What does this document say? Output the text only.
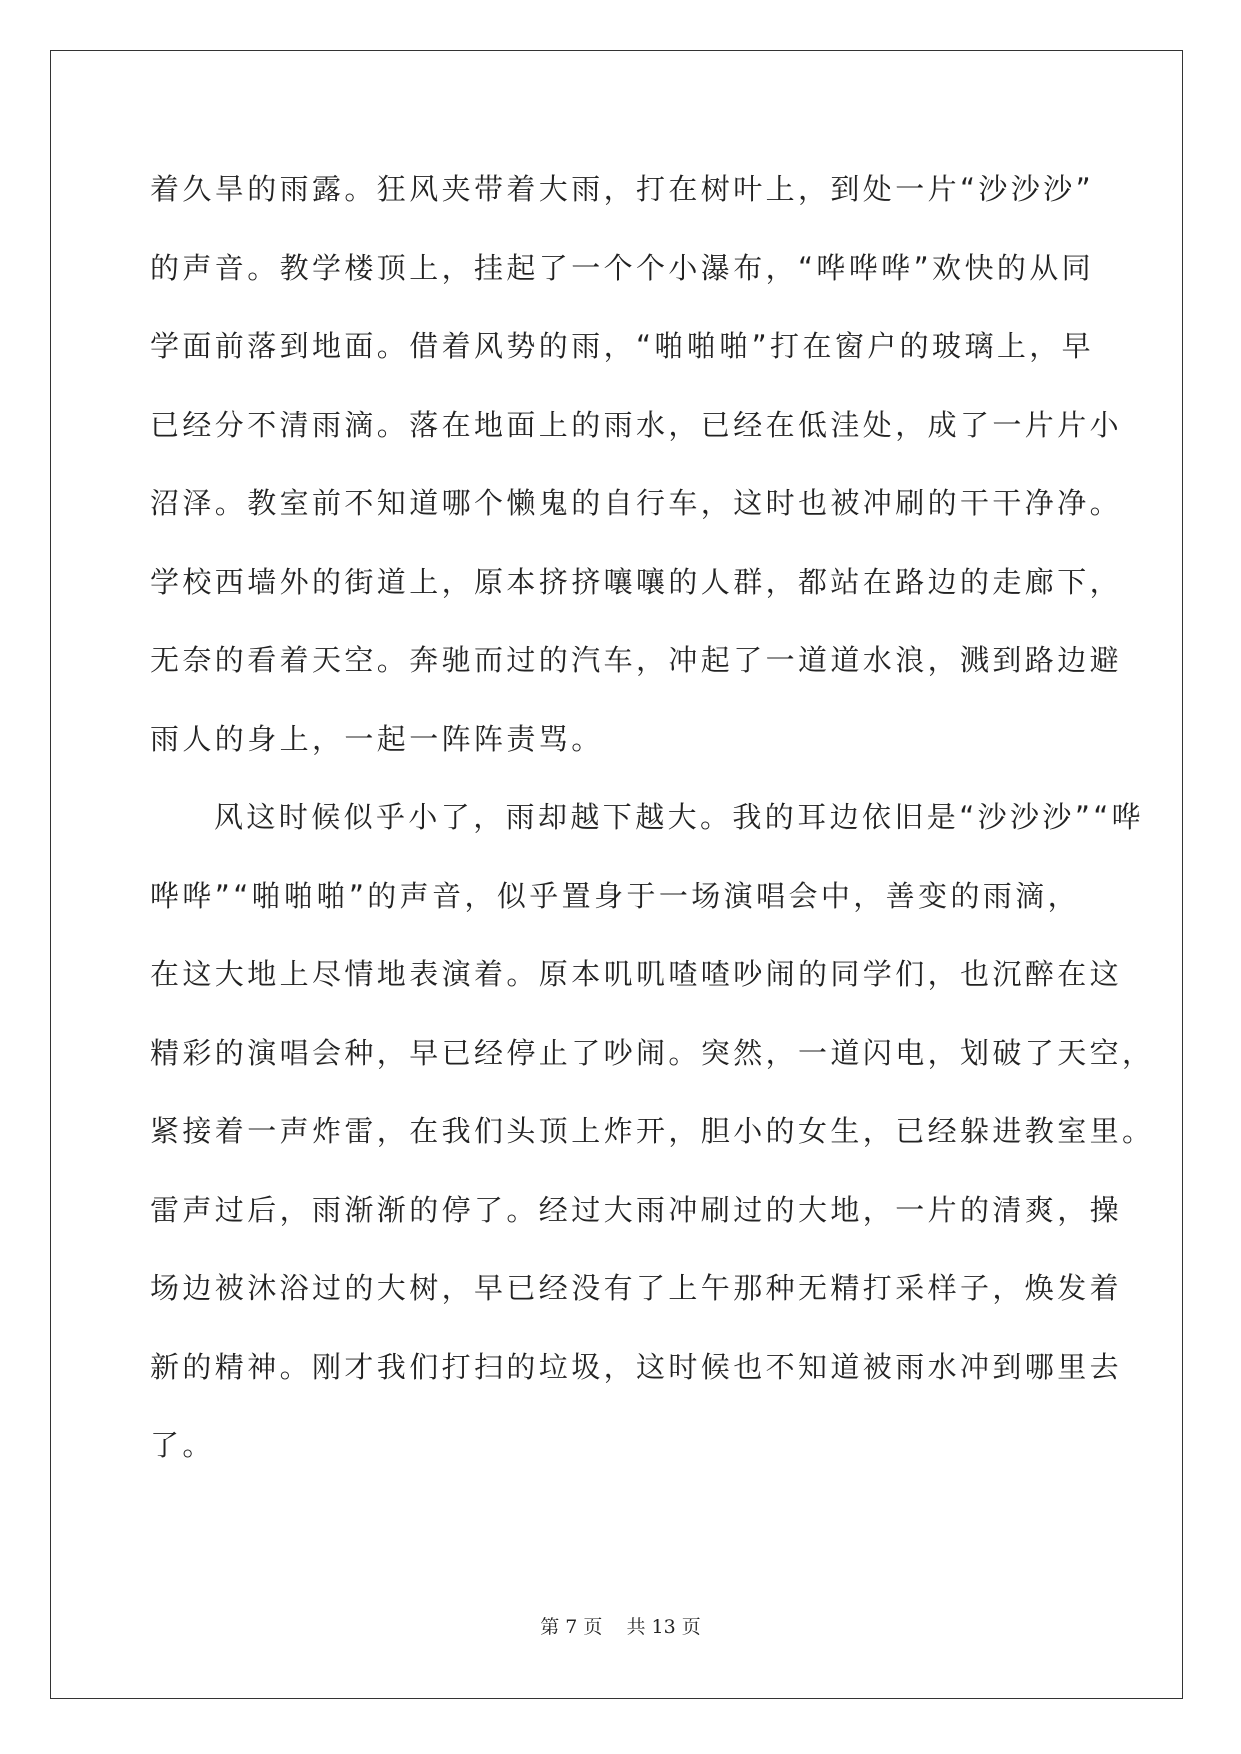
着久旱的雨露。狂风夹带着大雨，打在树叶上，到处一片“沙沙沙”
的声音。教学楼顶上，挂起了一个个小瀑布，“哗哗哗”欢快的从同
学面前落到地面。借着风势的雨，“啪啪啪”打在窗户的玻璃上，早
已经分不清雨滴。落在地面上的雨水，已经在低洼处，成了一片片小
沼泽。教室前不知道哪个懒鬼的自行车，这时也被冲刷的干干净净。
学校西墙外的街道上，原本挤挤嚷嚷的人群，都站在路边的走廊下，
无奈的看着天空。奔驰而过的汽车，冲起了一道道水浪，溅到路边避
雨人的身上，一起一阵阵责骂。
风这时候似乎小了，雨却越下越大。我的耳边依旧是“沙沙沙”“哗
哗哗”“啪啪啪”的声音，似乎置身于一场演唱会中，善变的雨滴，
在这大地上尽情地表演着。原本叽叽喳喳吵闹的同学们，也沉醉在这
精彩的演唱会种，早已经停止了吵闹。突然，一道闪电，划破了天空，
紧接着一声炸雷，在我们头顶上炸开，胆小的女生，已经躲进教室里。
雷声过后，雨渐渐的停了。经过大雨冲刷过的大地，一片的清爽，操
场边被沐浴过的大树，早已经没有了上午那种无精打采样子，焕发着
新的精神。刚才我们打扫的垃圾，这时候也不知道被雨水冲到哪里去
了。
第 7 页 共 13 页
